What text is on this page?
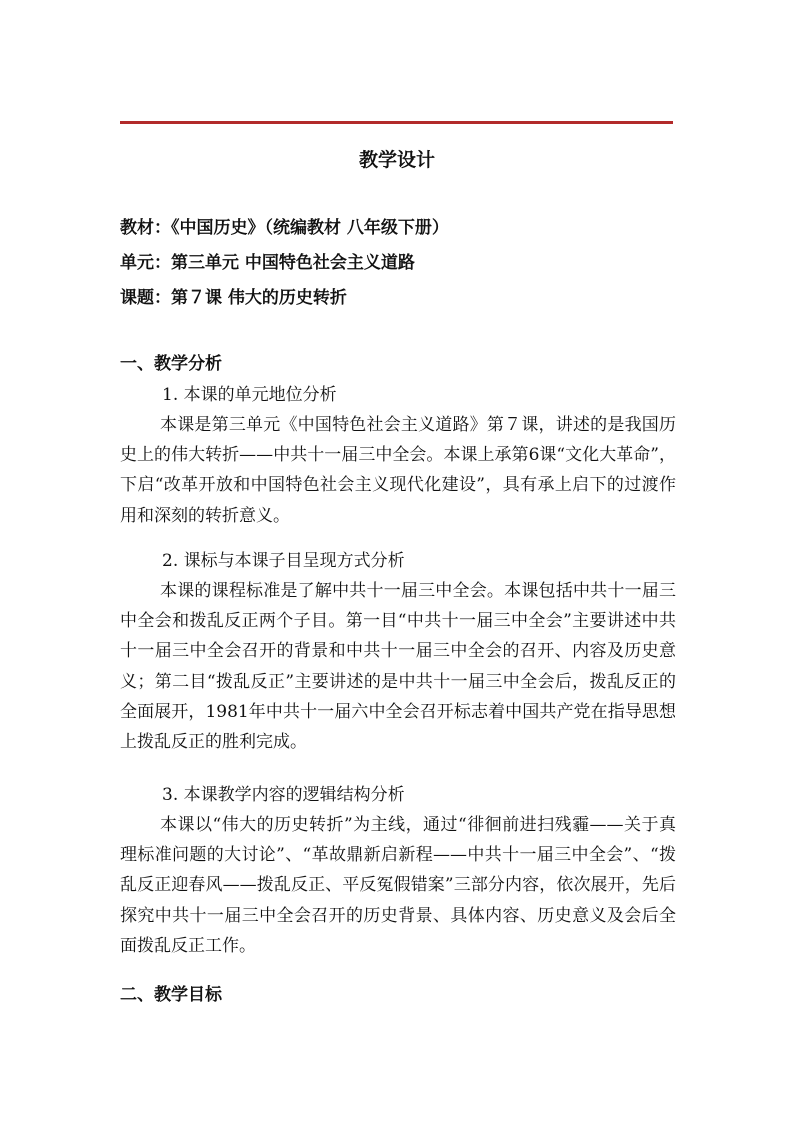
教学设计
教材：《中国历史》（统编教材 八年级下册）
单元：第三单元 中国特色社会主义道路
课题：第７课 伟大的历史转折
一、教学分析
1. 本课的单元地位分析

本课是第三单元《中国特色社会主义道路》第７课，讲述的是我国历史上的伟大转折——中共十一届三中全会。本课上承第6课“文化大革命”，下启“改革开放和中国特色社会主义现代化建设”，具有承上启下的过渡作用和深刻的转折意义。

2. 课标与本课子目呈现方式分析

本课的课程标准是了解中共十一届三中全会。本课包括中共十一届三中全会和拨乱反正两个子目。第一目“中共十一届三中全会”主要讲述中共十一届三中全会召开的背景和中共十一届三中全会的召开、内容及历史意义；第二目“拨乱反正”主要讲述的是中共十一届三中全会后，拨乱反正的全面展开，1981年中共十一届六中全会召开标志着中国共产党在指导思想上拨乱反正的胜利完成。

3. 本课教学内容的逻辑结构分析

本课以“伟大的历史转折”为主线，通过“徘徊前进扫残霾——关于真理标准问题的大讨论”、“革故鼎新启新程——中共十一届三中全会”、“拨乱反正迎春风——拨乱反正、平反冤假错案”三部分内容，依次展开，先后探究中共十一届三中全会召开的历史背景、具体内容、历史意义及会后全面拨乱反正工作。

二、教学目标
